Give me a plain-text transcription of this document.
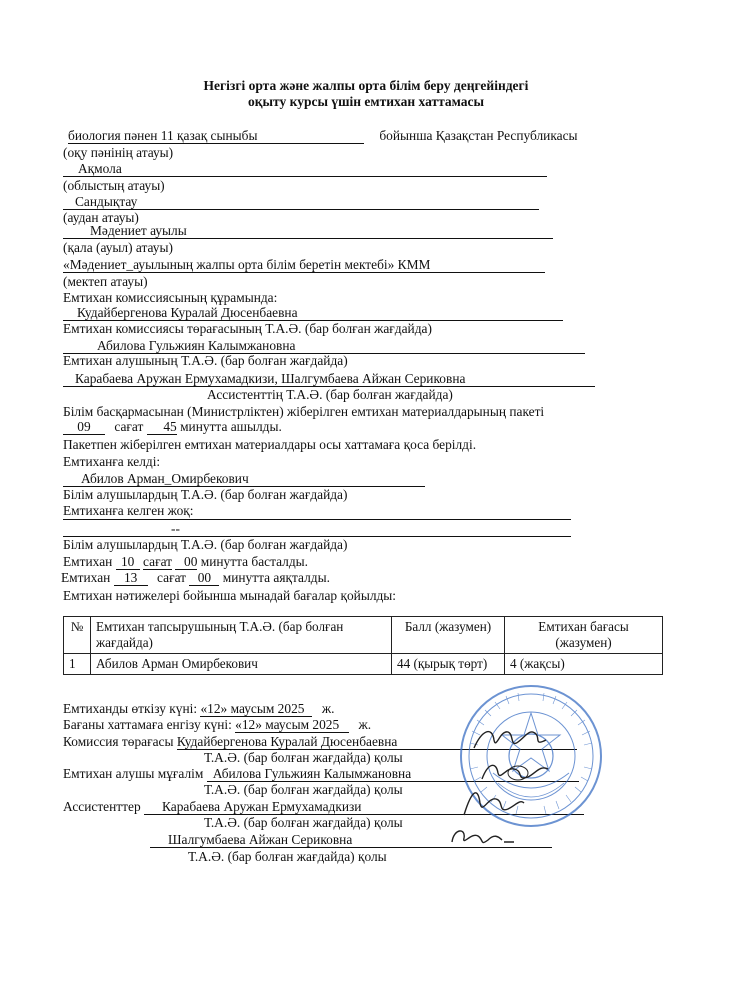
Негізгі орта және жалпы орта білім беру деңгейіндегі
оқыту курсы үшін емтихан хаттамасы
биология пәнен 11 қазақ сыныбы	бойынша Қазақстан Республикасы
(оқу пәнінің атауы)
Ақмола
(облыстың атауы)
Сандықтау
(аудан атауы)
Мәдениет ауылы
(қала (ауыл) атауы)
«Мәдениет_ауылының жалпы орта білім беретін мектебі» КММ
(мектеп атауы)
Емтихан комиссиясының құрамында:
Кудайбергенова Куралай Дюсенбаевна
Емтихан комиссиясы төрағасының Т.А.Ә. (бар болған жағдайда)
Абилова Гульжиян Калымжановна
Емтихан алушының Т.А.Ә. (бар болған жағдайда)
Карабаева Аружан Ермухамадкизи, Шалгумбаева Айжан Сериковна
Ассистенттің Т.А.Ә. (бар болған жағдайда)
Білім басқармасынан (Министрліктен) жіберілген емтихан материалдарының пакеті
09 сағат 45 минутта ашылды.
Пакетпен жіберілген емтихан материалдары осы хаттамаға қоса берілді.
Емтиханға келді:
Абилов Арман_Омирбекович
Білім алушылардың Т.А.Ә. (бар болған жағдайда)
Емтиханға келген жоқ:
--
Білім алушылардың Т.А.Ә. (бар болған жағдайда)
Емтихан 10 сағат 00 минутта басталды.
Емтихан 13 сағат 00 минутта аяқталды.
Емтихан нәтижелері бойынша мынадай бағалар қойылды:
№	Емтихан тапсырушының Т.А.Ә. (бар болған жағдайда)	Балл (жазумен)	Емтихан бағасы (жазумен)
1	Абилов Арман Омирбекович	44 (қырық төрт)	4 (жақсы)
Емтиханды өткізу күні: «12» маусым 2025 ж.
Бағаны хаттамаға енгізу күні: «12» маусым 2025 ж.
Комиссия төрағасы Кудайбергенова Куралай Дюсенбаевна
Т.А.Ә. (бар болған жағдайда) қолы
Емтихан алушы мұғалім Абилова Гульжиян Калымжановна
Т.А.Ә. (бар болған жағдайда) қолы
Ассистенттер Карабаева Аружан Ермухамадкизи
Т.А.Ә. (бар болған жағдайда) қолы
Шалгумбаева Айжан Сериковна
Т.А.Ә. (бар болған жағдайда) қолы
